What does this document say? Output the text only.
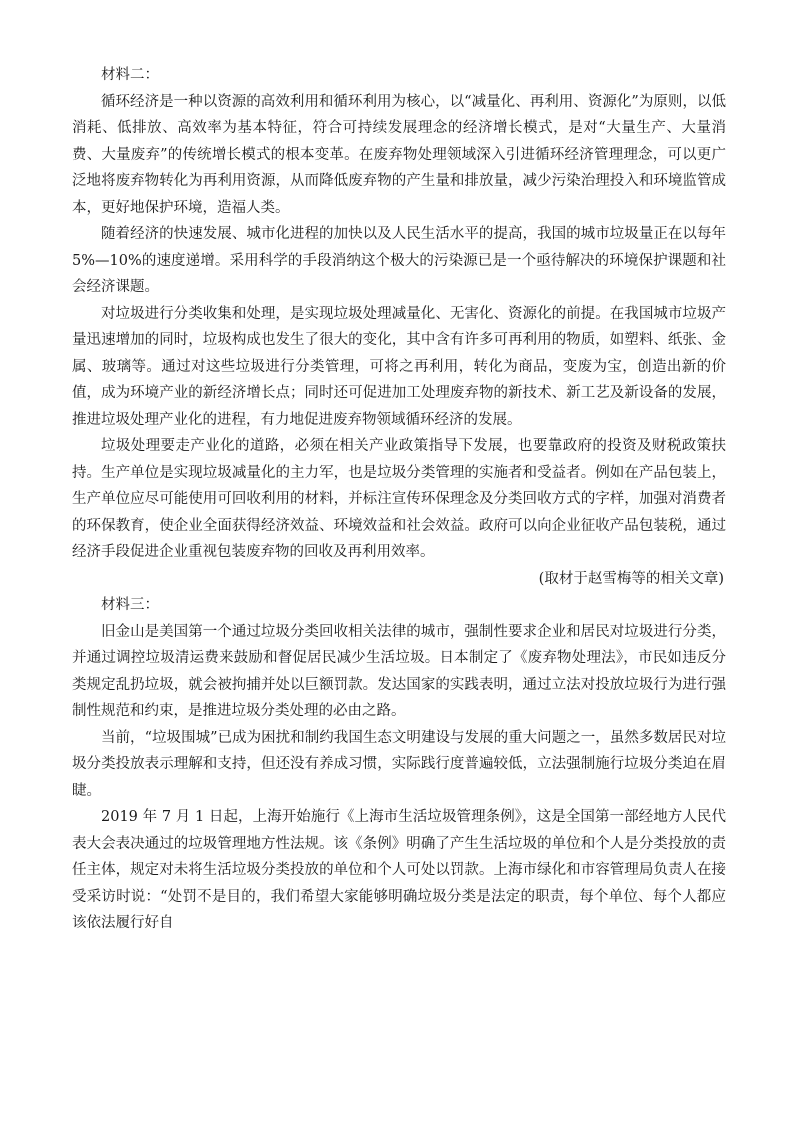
材料二：

循环经济是一种以资源的高效利用和循环利用为核心，以“减量化、再利用、资源化”为原则，以低消耗、低排放、高效率为基本特征，符合可持续发展理念的经济增长模式，是对“大量生产、大量消费、大量废弃”的传统增长模式的根本变革。在废弃物处理领域深入引进循环经济管理理念，可以更广泛地将废弃物转化为再利用资源，从而降低废弃物的产生量和排放量，减少污染治理投入和环境监管成本，更好地保护环境，造福人类。

随着经济的快速发展、城市化进程的加快以及人民生活水平的提高，我国的城市垃圾量正在以每年5%—10%的速度递增。采用科学的手段消纳这个极大的污染源已是一个亟待解决的环境保护课题和社会经济课题。

对垃圾进行分类收集和处理，是实现垃圾处理减量化、无害化、资源化的前提。在我国城市垃圾产量迅速增加的同时，垃圾构成也发生了很大的变化，其中含有许多可再利用的物质，如塑料、纸张、金属、玻璃等。通过对这些垃圾进行分类管理，可将之再利用，转化为商品，变废为宝，创造出新的价值，成为环境产业的新经济增长点；同时还可促进加工处理废弃物的新技术、新工艺及新设备的发展，推进垃圾处理产业化的进程，有力地促进废弃物领域循环经济的发展。

垃圾处理要走产业化的道路，必须在相关产业政策指导下发展，也要靠政府的投资及财税政策扶持。生产单位是实现垃圾减量化的主力军，也是垃圾分类管理的实施者和受益者。例如在产品包装上，生产单位应尽可能使用可回收利用的材料，并标注宣传环保理念及分类回收方式的字样，加强对消费者的环保教育，使企业全面获得经济效益、环境效益和社会效益。政府可以向企业征收产品包装税，通过经济手段促进企业重视包装废弃物的回收及再利用效率。

(取材于赵雪梅等的相关文章)

材料三：

旧金山是美国第一个通过垃圾分类回收相关法律的城市，强制性要求企业和居民对垃圾进行分类，并通过调控垃圾清运费来鼓励和督促居民减少生活垃圾。日本制定了《废弃物处理法》，市民如违反分类规定乱扔垃圾，就会被拘捕并处以巨额罚款。发达国家的实践表明，通过立法对投放垃圾行为进行强制性规范和约束，是推进垃圾分类处理的必由之路。

当前，“垃圾围城”已成为困扰和制约我国生态文明建设与发展的重大问题之一，虽然多数居民对垃圾分类投放表示理解和支持，但还没有养成习惯，实际践行度普遍较低，立法强制施行垃圾分类迫在眉睫。

2019 年 7 月 1 日起，上海开始施行《上海市生活垃圾管理条例》，这是全国第一部经地方人民代表大会表决通过的垃圾管理地方性法规。该《条例》明确了产生生活垃圾的单位和个人是分类投放的责任主体，规定对未将生活垃圾分类投放的单位和个人可处以罚款。上海市绿化和市容管理局负责人在接受采访时说：“处罚不是目的，我们希望大家能够明确垃圾分类是法定的职责，每个单位、每个人都应该依法履行好自
